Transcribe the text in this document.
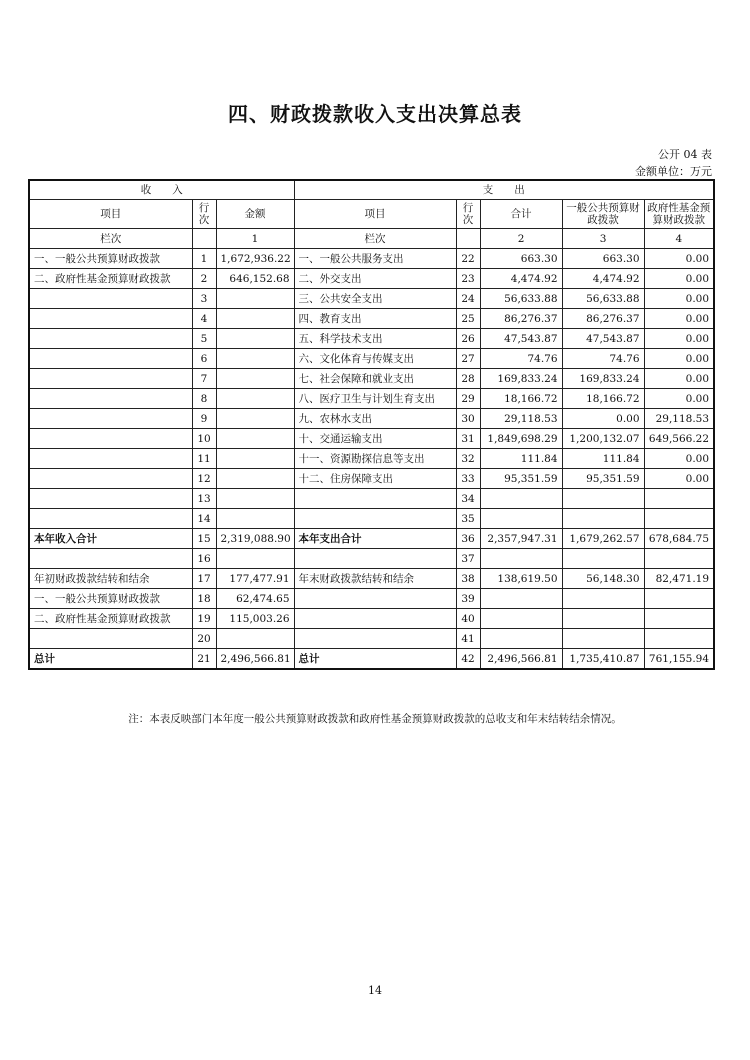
四、财政拨款收入支出决算总表
公开 04 表
金额单位：万元
收　　入			支　　出				
项目	行次	金额	项目	行次	合计	一般公共预算财政拨款	政府性基金预算财政拨款
栏次		1	栏次		2	3	4
一、一般公共预算财政拨款	1	1,672,936.22	一、一般公共服务支出	22	663.30	663.30	0.00
二、政府性基金预算财政拨款	2	646,152.68	二、外交支出	23	4,474.92	4,474.92	0.00
	3		三、公共安全支出	24	56,633.88	56,633.88	0.00
	4		四、教育支出	25	86,276.37	86,276.37	0.00
	5		五、科学技术支出	26	47,543.87	47,543.87	0.00
	6		六、文化体育与传媒支出	27	74.76	74.76	0.00
	7		七、社会保障和就业支出	28	169,833.24	169,833.24	0.00
	8		八、医疗卫生与计划生育支出	29	18,166.72	18,166.72	0.00
	9		九、农林水支出	30	29,118.53	0.00	29,118.53
	10		十、交通运输支出	31	1,849,698.29	1,200,132.07	649,566.22
	11		十一、资源勘探信息等支出	32	111.84	111.84	0.00
	12		十二、住房保障支出	33	95,351.59	95,351.59	0.00
	13			34			
	14			35			
本年收入合计	15	2,319,088.90	本年支出合计	36	2,357,947.31	1,679,262.57	678,684.75
	16			37			
年初财政拨款结转和结余	17	177,477.91	年末财政拨款结转和结余	38	138,619.50	56,148.30	82,471.19
一、一般公共预算财政拨款	18	62,474.65		39			
二、政府性基金预算财政拨款	19	115,003.26		40			
	20			41			
总计	21	2,496,566.81	总计	42	2,496,566.81	1,735,410.87	761,155.94
注：本表反映部门本年度一般公共预算财政拨款和政府性基金预算财政拨款的总收支和年末结转结余情况。
14
